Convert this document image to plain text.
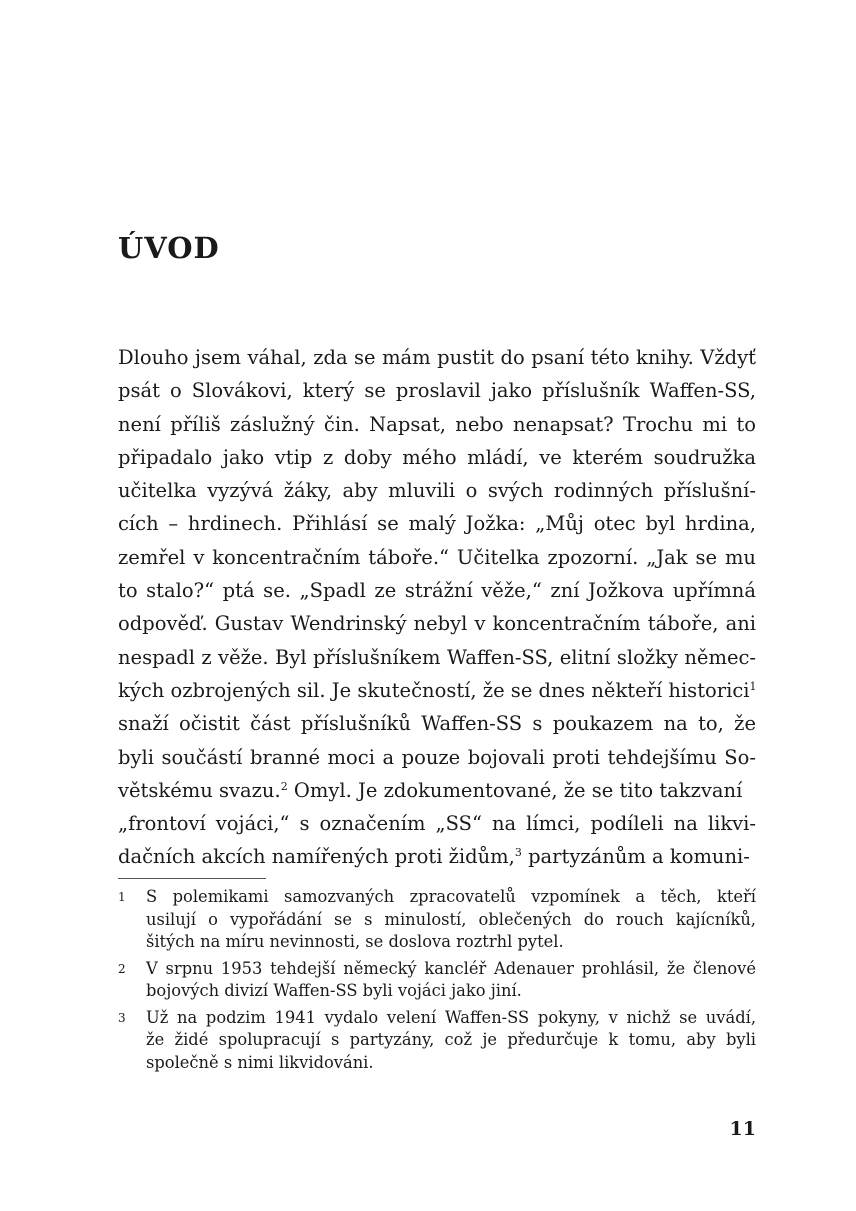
ÚVOD
Dlouho jsem váhal, zda se mám pustit do psaní této knihy. Vždyť
psát o Slovákovi, který se proslavil jako příslušník Waffen-SS,
není příliš záslužný čin. Napsat, nebo nenapsat? Trochu mi to
připadalo jako vtip z doby mého mládí, ve kterém soudružka
učitelka vyzývá žáky, aby mluvili o svých rodinných příslušní-
cích – hrdinech. Přihlásí se malý Jožka: „Můj otec byl hrdina,
zemřel v koncentračním táboře.“ Učitelka zpozorní. „Jak se mu
to stalo?“ ptá se. „Spadl ze strážní věže,“ zní Jožkova upřímná
odpověď. Gustav Wendrinský nebyl v koncentračním táboře, ani
nespadl z věže. Byl příslušníkem Waffen-SS, elitní složky němec-
kých ozbrojených sil. Je skutečností, že se dnes někteří historici$^1$
snaží očistit část příslušníků Waffen-SS s poukazem na to, že
byli součástí branné moci a pouze bojovali proti tehdejšímu So-
větskému svazu.$^2$ Omyl. Je zdokumentované, že se tito takzvaní
„frontoví vojáci,“ s označením „SS“ na límci, podíleli na likvi-
dačních akcích namířených proti židům,$^3$ partyzánům a komuni-
1	S polemikami samozvaných zpracovatelů vzpomínek a těch, kteří
usilují o vypořádání se s minulostí, oblečených do rouch kajícníků,
šitých na míru nevinnosti, se doslova roztrhl pytel.
2	V srpnu 1953 tehdejší německý kancléř Adenauer prohlásil, že členové
bojových divizí Waffen-SS byli vojáci jako jiní.
3	Už na podzim 1941 vydalo velení Waffen-SS pokyny, v nichž se uvádí,
že židé spolupracují s partyzány, což je předurčuje k tomu, aby byli
společně s nimi likvidováni.
11
